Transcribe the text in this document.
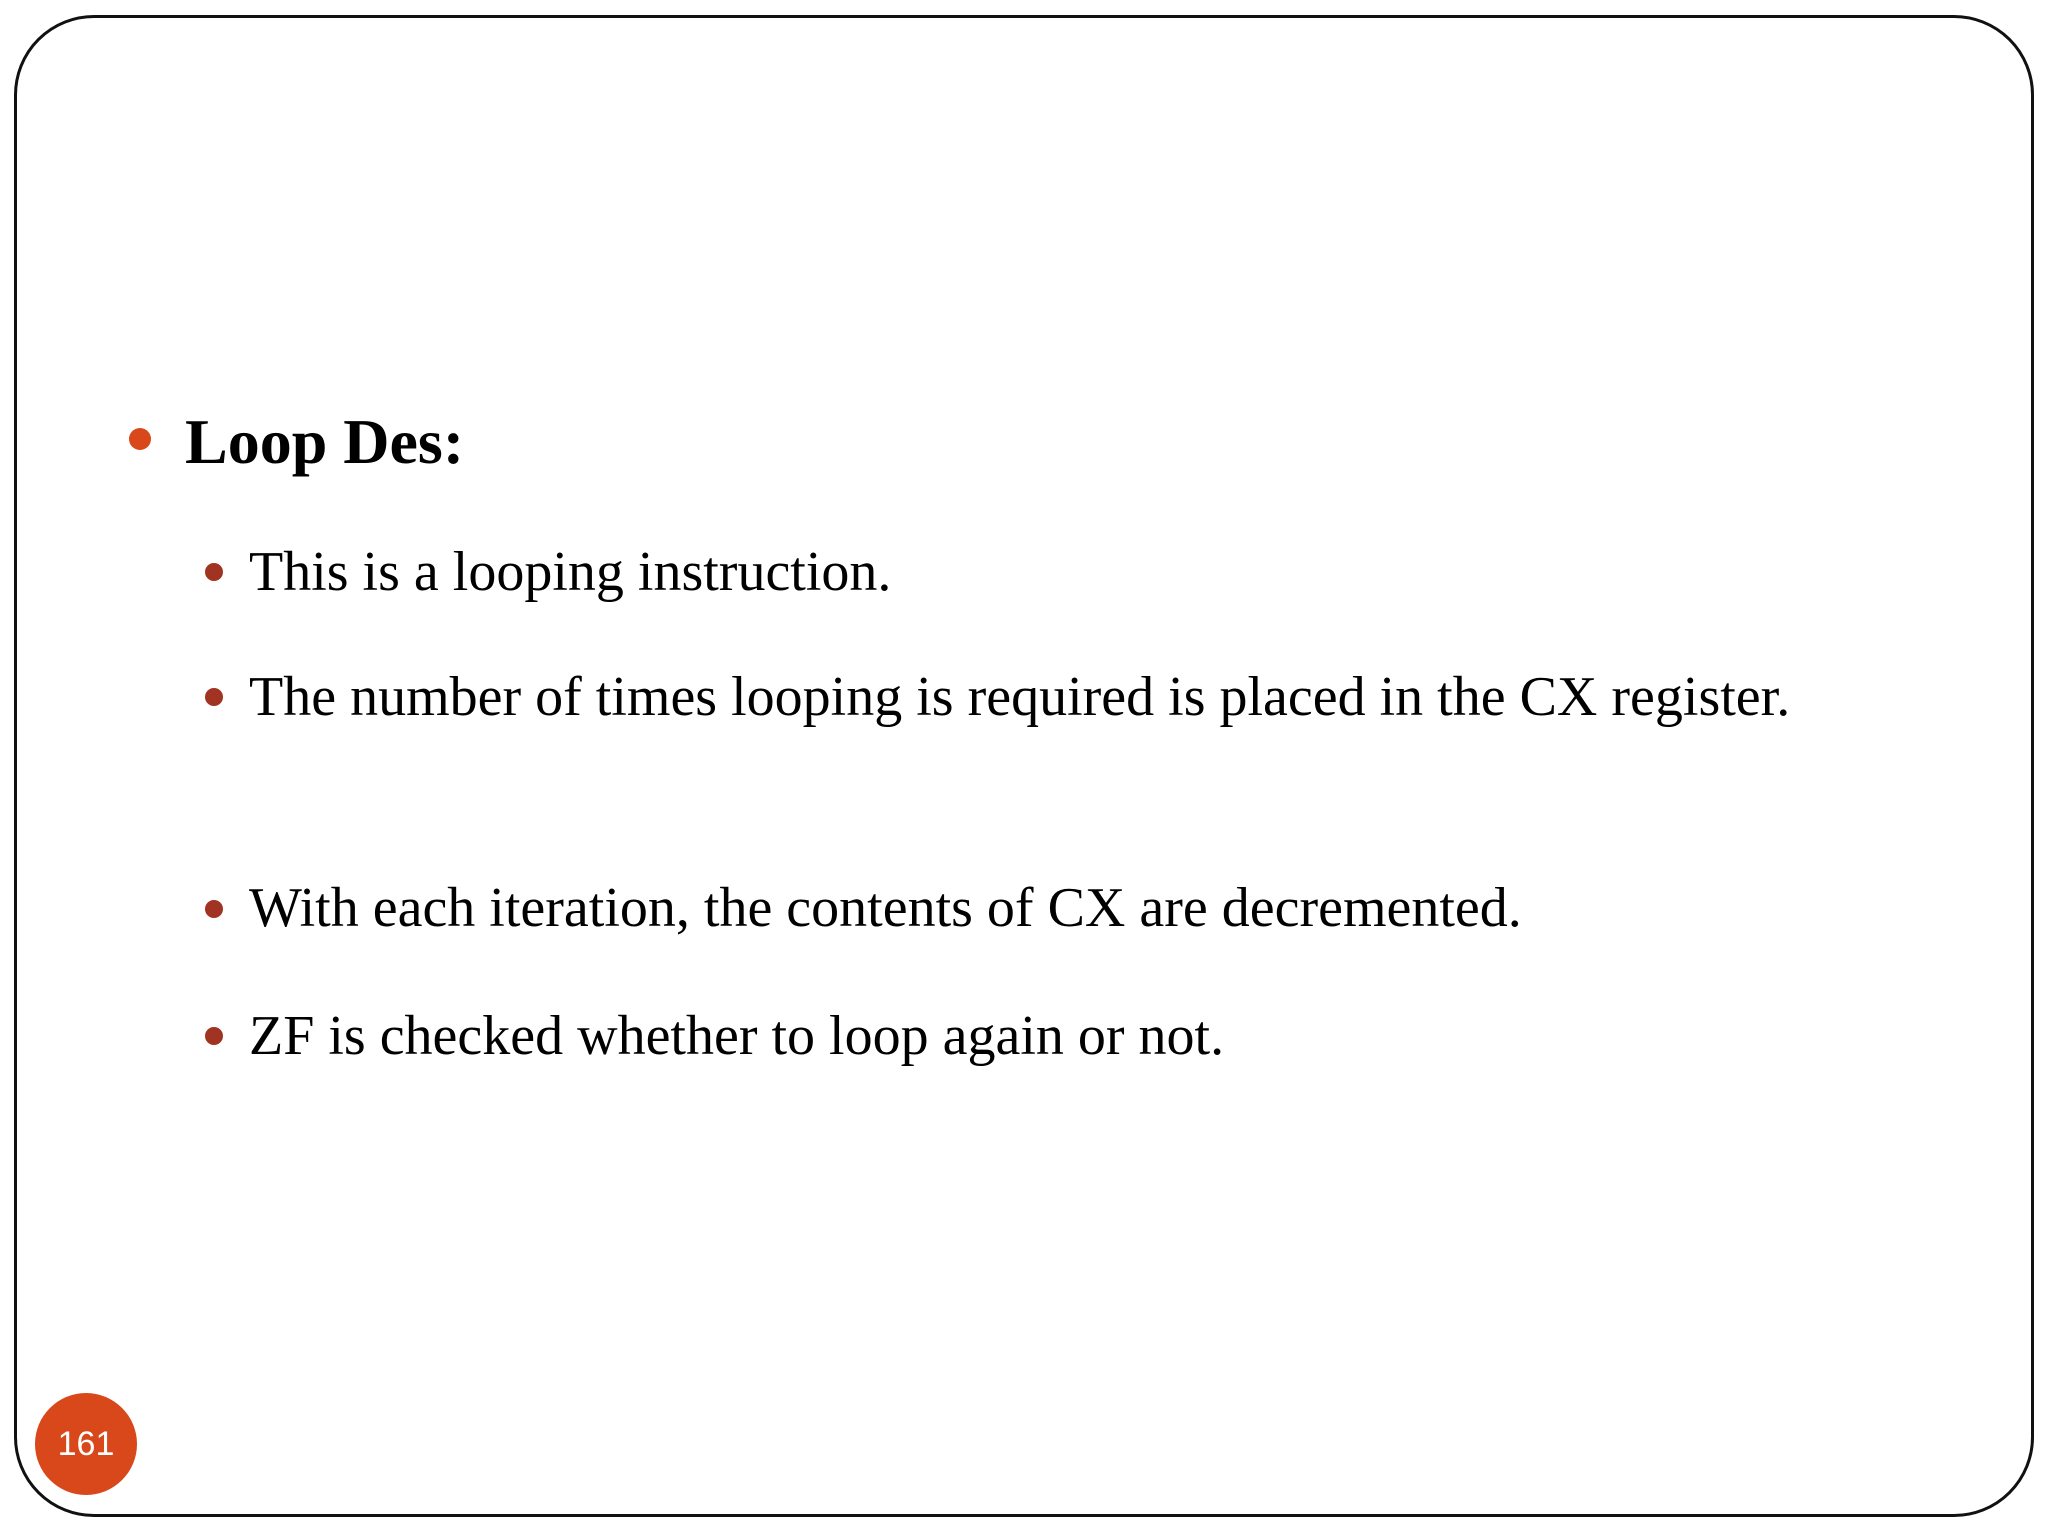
Loop Des:
This is a looping instruction.
The number of times looping is required is placed in the CX register.
With each iteration, the contents of CX are decremented.
ZF is checked whether to loop again or not.
161
